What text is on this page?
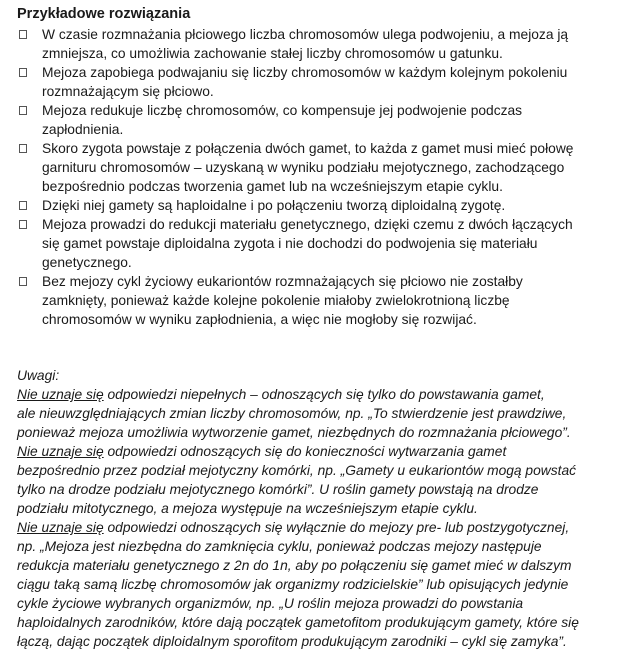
Przykładowe rozwiązania
W czasie rozmnażania płciowego liczba chromosomów ulega podwojeniu, a mejoza ją
zmniejsza, co umożliwia zachowanie stałej liczby chromosomów u gatunku.
Mejoza zapobiega podwajaniu się liczby chromosomów w każdym kolejnym pokoleniu
rozmnażającym się płciowo.
Mejoza redukuje liczbę chromosomów, co kompensuje jej podwojenie podczas
zapłodnienia.
Skoro zygota powstaje z połączenia dwóch gamet, to każda z gamet musi mieć połowę
garnituru chromosomów – uzyskaną w wyniku podziału mejotycznego, zachodzącego
bezpośrednio podczas tworzenia gamet lub na wcześniejszym etapie cyklu.
Dzięki niej gamety są haploidalne i po połączeniu tworzą diploidalną zygotę.
Mejoza prowadzi do redukcji materiału genetycznego, dzięki czemu z dwóch łączących
się gamet powstaje diploidalna zygota i nie dochodzi do podwojenia się materiału
genetycznego.
Bez mejozy cykl życiowy eukariontów rozmnażających się płciowo nie zostałby
zamknięty, ponieważ każde kolejne pokolenie miałoby zwielokrotnioną liczbę
chromosomów w wyniku zapłodnienia, a więc nie mogłoby się rozwijać.
Uwagi:
Nie uznaje się odpowiedzi niepełnych – odnoszących się tylko do powstawania gamet,
ale nieuwzględniających zmian liczby chromosomów, np. „To stwierdzenie jest prawdziwe,
ponieważ mejoza umożliwia wytworzenie gamet, niezbędnych do rozmnażania płciowego”.
Nie uznaje się odpowiedzi odnoszących się do konieczności wytwarzania gamet
bezpośrednio przez podział mejotyczny komórki, np. „Gamety u eukariontów mogą powstać
tylko na drodze podziału mejotycznego komórki”. U roślin gamety powstają na drodze
podziału mitotycznego, a mejoza występuje na wcześniejszym etapie cyklu.
Nie uznaje się odpowiedzi odnoszących się wyłącznie do mejozy pre- lub postzygotycznej,
np. „Mejoza jest niezbędna do zamknięcia cyklu, ponieważ podczas mejozy następuje
redukcja materiału genetycznego z 2n do 1n, aby po połączeniu się gamet mieć w dalszym
ciągu taką samą liczbę chromosomów jak organizmy rodzicielskie” lub opisujących jedynie
cykle życiowe wybranych organizmów, np. „U roślin mejoza prowadzi do powstania
haploidalnych zarodników, które dają początek gametofitom produkującym gamety, które się
łączą, dając początek diploidalnym sporofitom produkującym zarodniki – cykl się zamyka”.
